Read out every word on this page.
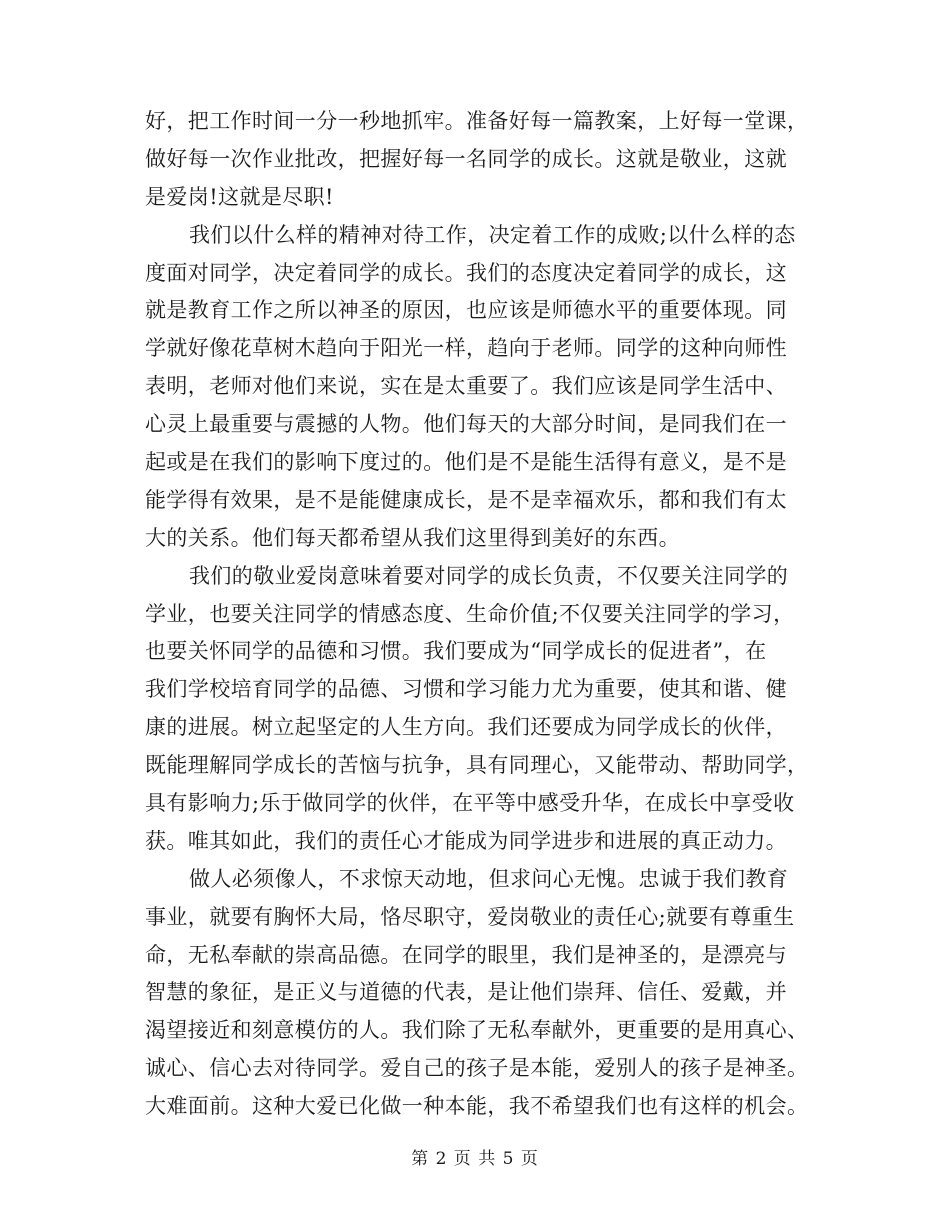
好，把工作时间一分一秒地抓牢。准备好每一篇教案，上好每一堂课，
做好每一次作业批改，把握好每一名同学的成长。这就是敬业，这就
是爱岗!这就是尽职!
我们以什么样的精神对待工作，决定着工作的成败;以什么样的态
度面对同学，决定着同学的成长。我们的态度决定着同学的成长，这
就是教育工作之所以神圣的原因，也应该是师德水平的重要体现。同
学就好像花草树木趋向于阳光一样，趋向于老师。同学的这种向师性
表明，老师对他们来说，实在是太重要了。我们应该是同学生活中、
心灵上最重要与震撼的人物。他们每天的大部分时间，是同我们在一
起或是在我们的影响下度过的。他们是不是能生活得有意义，是不是
能学得有效果，是不是能健康成长，是不是幸福欢乐，都和我们有太
大的关系。他们每天都希望从我们这里得到美好的东西。
我们的敬业爱岗意味着要对同学的成长负责，不仅要关注同学的
学业，也要关注同学的情感态度、生命价值;不仅要关注同学的学习，
也要关怀同学的品德和习惯。我们要成为“同学成长的促进者”，在
我们学校培育同学的品德、习惯和学习能力尤为重要，使其和谐、健
康的进展。树立起坚定的人生方向。我们还要成为同学成长的伙伴，
既能理解同学成长的苦恼与抗争，具有同理心，又能带动、帮助同学，
具有影响力;乐于做同学的伙伴，在平等中感受升华，在成长中享受收
获。唯其如此，我们的责任心才能成为同学进步和进展的真正动力。
做人必须像人，不求惊天动地，但求问心无愧。忠诚于我们教育
事业，就要有胸怀大局，恪尽职守，爱岗敬业的责任心;就要有尊重生
命，无私奉献的崇高品德。在同学的眼里，我们是神圣的，是漂亮与
智慧的象征，是正义与道德的代表，是让他们崇拜、信任、爱戴，并
渴望接近和刻意模仿的人。我们除了无私奉献外，更重要的是用真心、
诚心、信心去对待同学。爱自己的孩子是本能，爱别人的孩子是神圣。
大难面前。这种大爱已化做一种本能，我不希望我们也有这样的机会。
第 2 页 共 5 页
